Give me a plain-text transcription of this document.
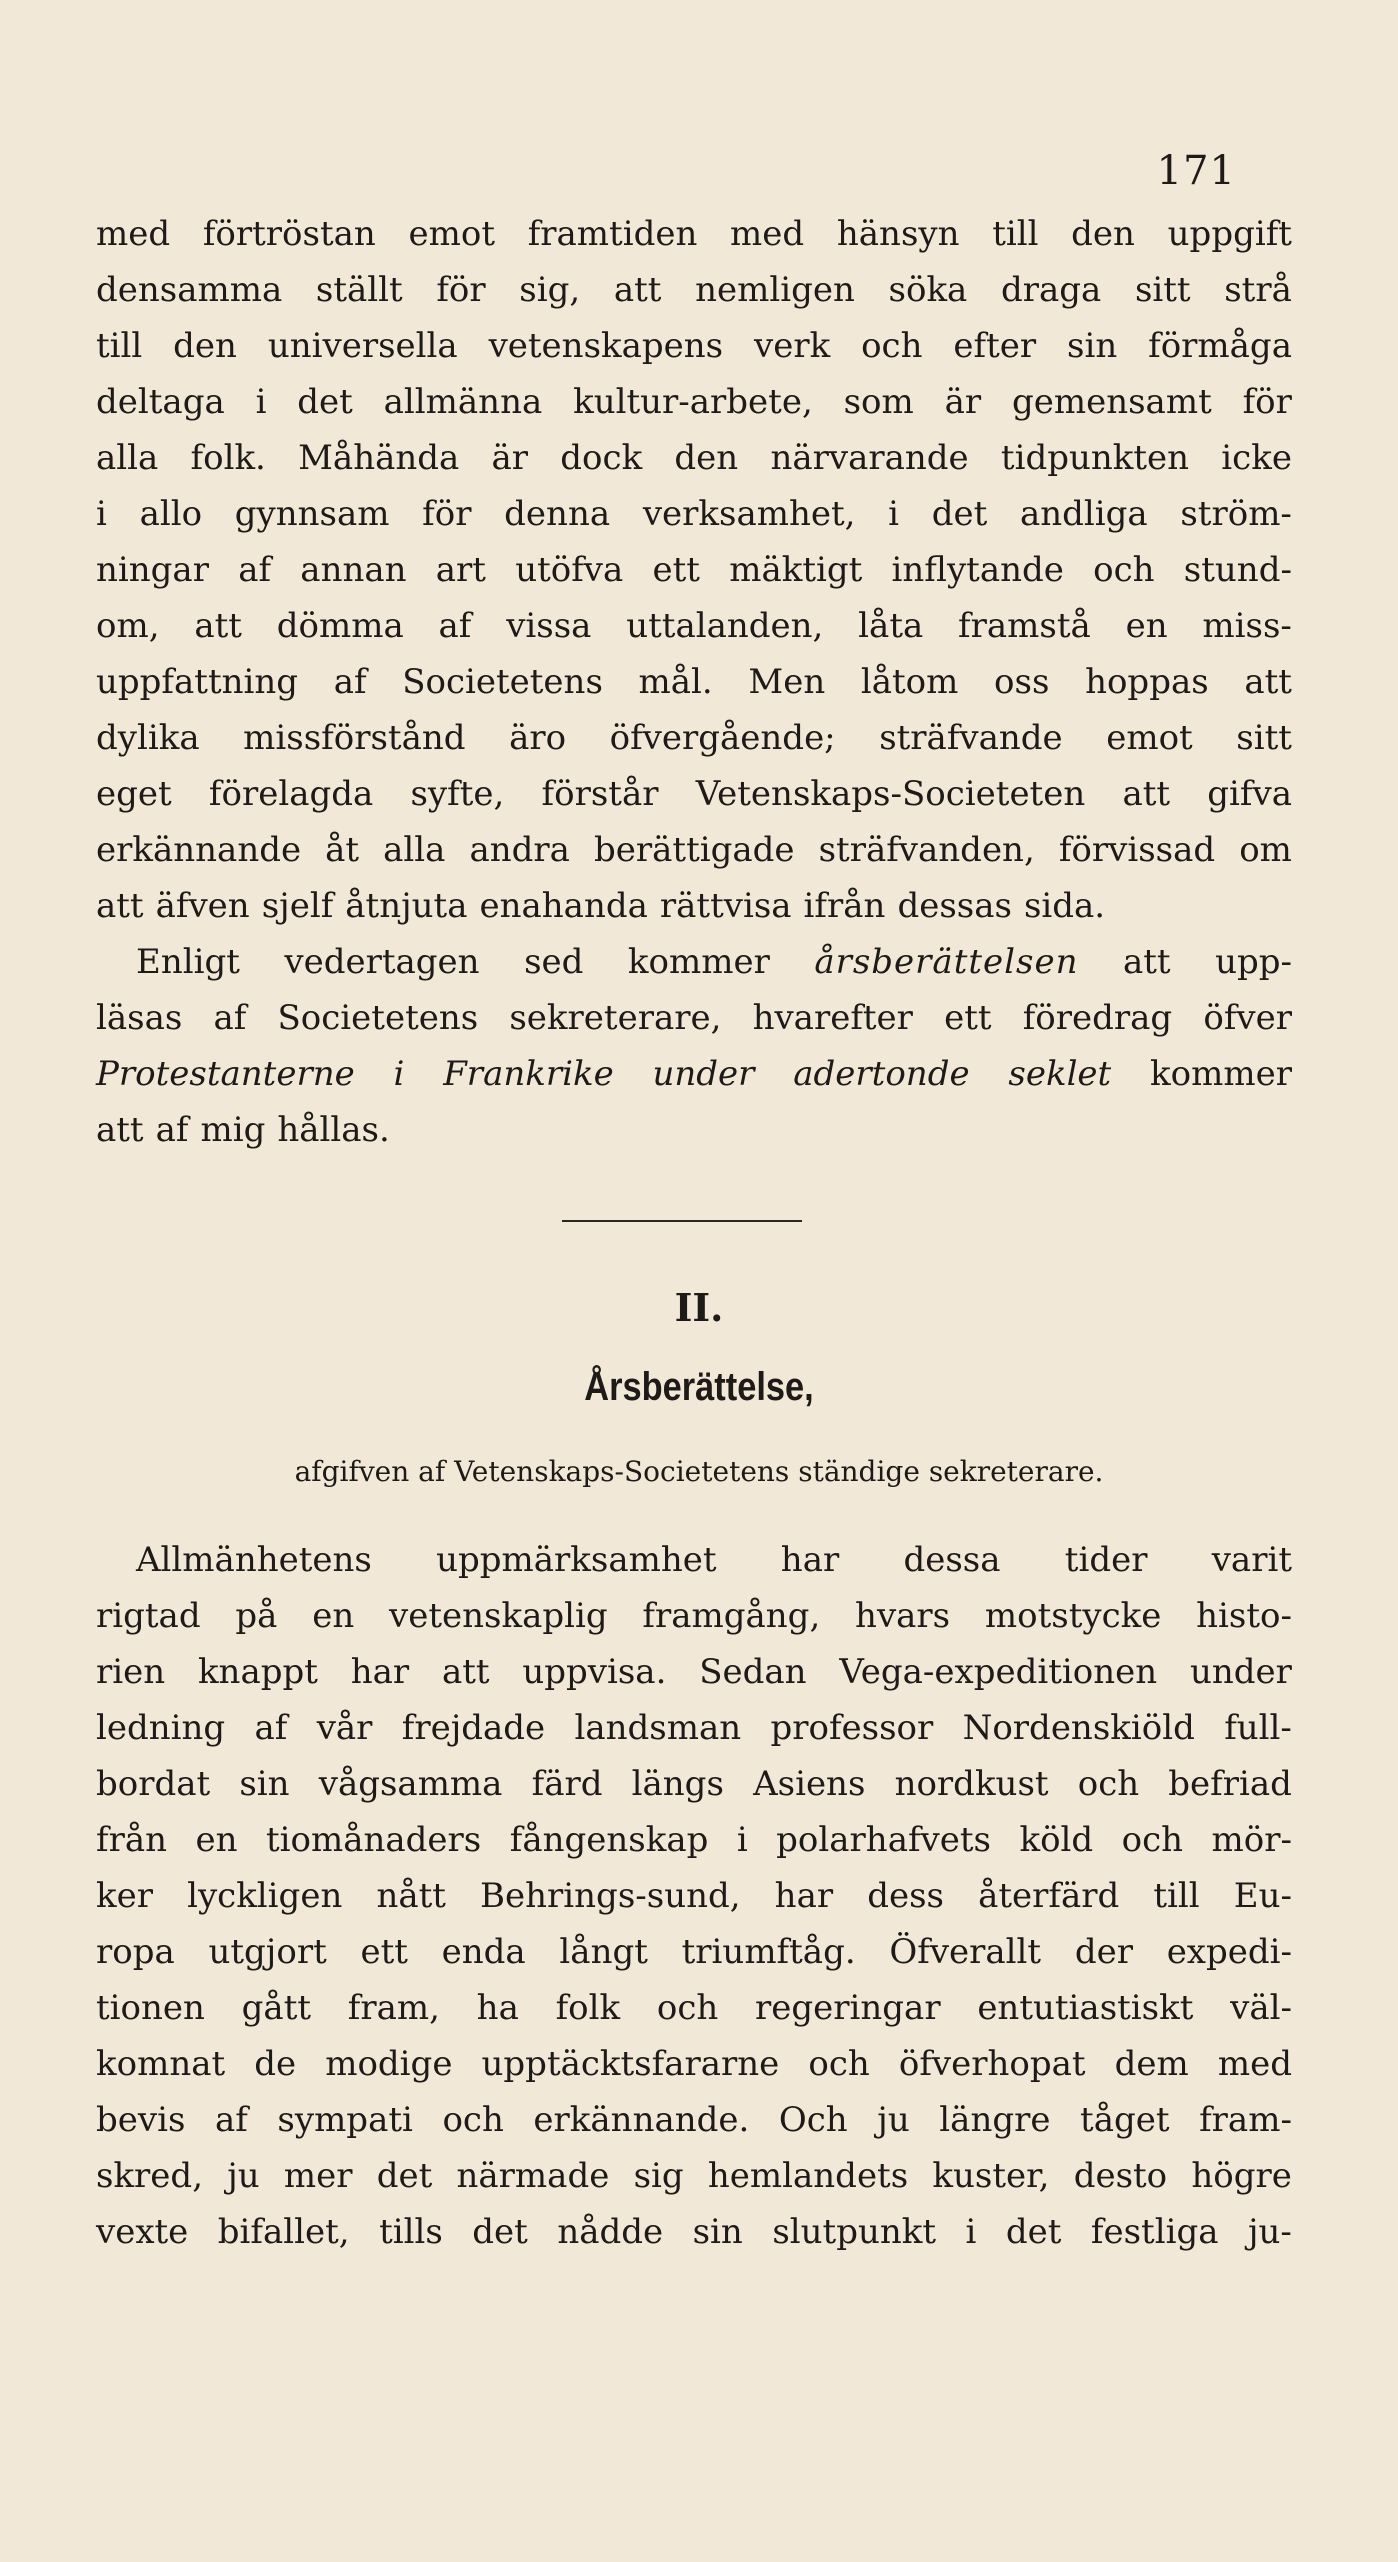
171
med förtröstan emot framtiden med hänsyn till den uppgift
densamma ställt för sig, att nemligen söka draga sitt strå
till den universella vetenskapens verk och efter sin förmåga
deltaga i det allmänna kultur-arbete, som är gemensamt för
alla folk. Måhända är dock den närvarande tidpunkten icke
i allo gynnsam för denna verksamhet, i det andliga ström-
ningar af annan art utöfva ett mäktigt inflytande och stund-
om, att dömma af vissa uttalanden, låta framstå en miss-
uppfattning af Societetens mål. Men låtom oss hoppas att
dylika missförstånd äro öfvergående; sträfvande emot sitt
eget förelagda syfte, förstår Vetenskaps-Societeten att gifva
erkännande åt alla andra berättigade sträfvanden, förvissad om
att äfven sjelf åtnjuta enahanda rättvisa ifrån dessas sida.
Enligt vedertagen sed kommer årsberättelsen att upp-
läsas af Societetens sekreterare, hvarefter ett föredrag öfver
Protestanterne i Frankrike under adertonde seklet kommer
att af mig hållas.
II.
Årsberättelse,
afgifven af Vetenskaps-Societetens ständige sekreterare.
Allmänhetens uppmärksamhet har dessa tider varit
rigtad på en vetenskaplig framgång, hvars motstycke histo-
rien knappt har att uppvisa. Sedan Vega-expeditionen under
ledning af vår frejdade landsman professor Nordenskiöld full-
bordat sin vågsamma färd längs Asiens nordkust och befriad
från en tiomånaders fångenskap i polarhafvets köld och mör-
ker lyckligen nått Behrings-sund, har dess återfärd till Eu-
ropa utgjort ett enda långt triumftåg. Öfverallt der expedi-
tionen gått fram, ha folk och regeringar entutiastiskt väl-
komnat de modige upptäcktsfararne och öfverhopat dem med
bevis af sympati och erkännande. Och ju längre tåget fram-
skred, ju mer det närmade sig hemlandets kuster, desto högre
vexte bifallet, tills det nådde sin slutpunkt i det festliga ju-
